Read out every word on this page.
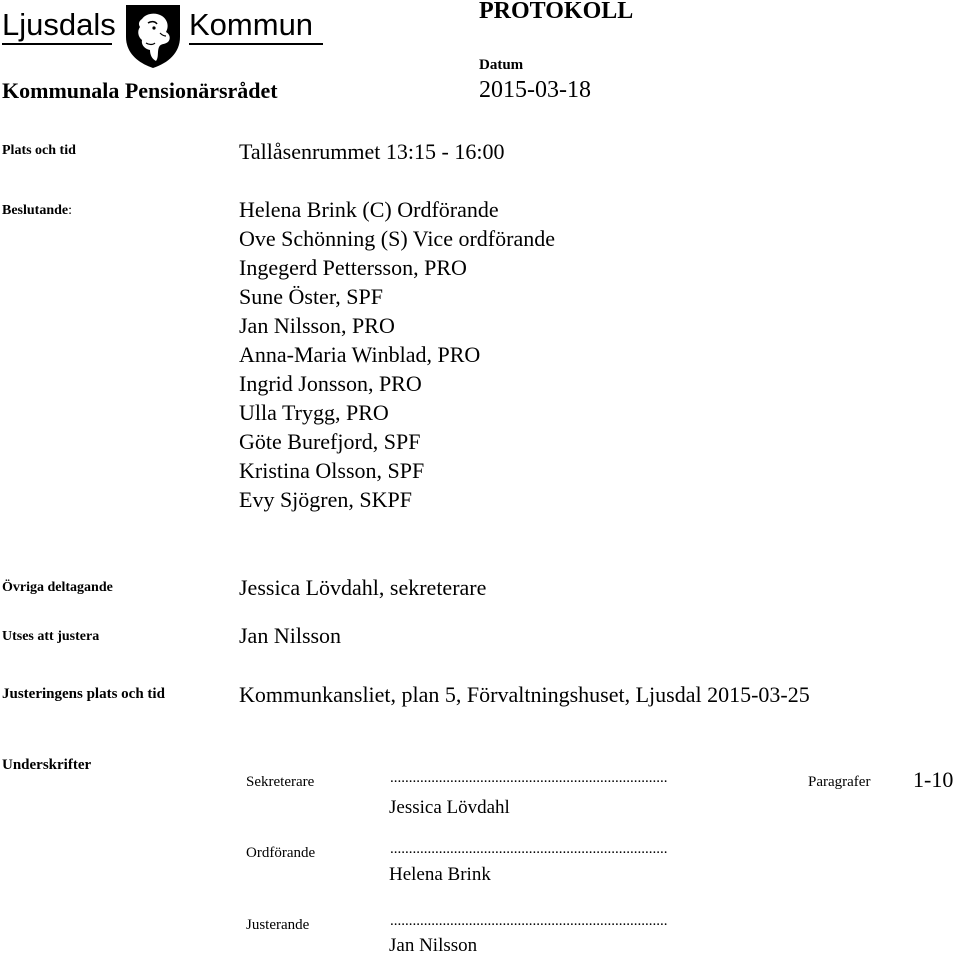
Ljusdals Kommun	PROTOKOLL
Datum
2015-03-18
Kommunala Pensionärsrådet
Plats och tid	Tallåsenrummet 13:15 - 16:00
Beslutande:	Helena Brink (C) Ordförande
Ove Schönning (S) Vice ordförande
Ingegerd Pettersson, PRO
Sune Öster, SPF
Jan Nilsson, PRO
Anna-Maria Winblad, PRO
Ingrid Jonsson, PRO
Ulla Trygg, PRO
Göte Burefjord, SPF
Kristina Olsson, SPF
Evy Sjögren, SKPF
Övriga deltagande	Jessica Lövdahl, sekreterare
Utses att justera	Jan Nilsson
Justeringens plats och tid	Kommunkansliet, plan 5, Förvaltningshuset, Ljusdal 2015-03-25
Underskrifter
Sekreterare	..........................................................................
Jessica Lövdahl
Paragrafer 1-10
Ordförande	..........................................................................
Helena Brink
Justerande	..........................................................................
Jan Nilsson
